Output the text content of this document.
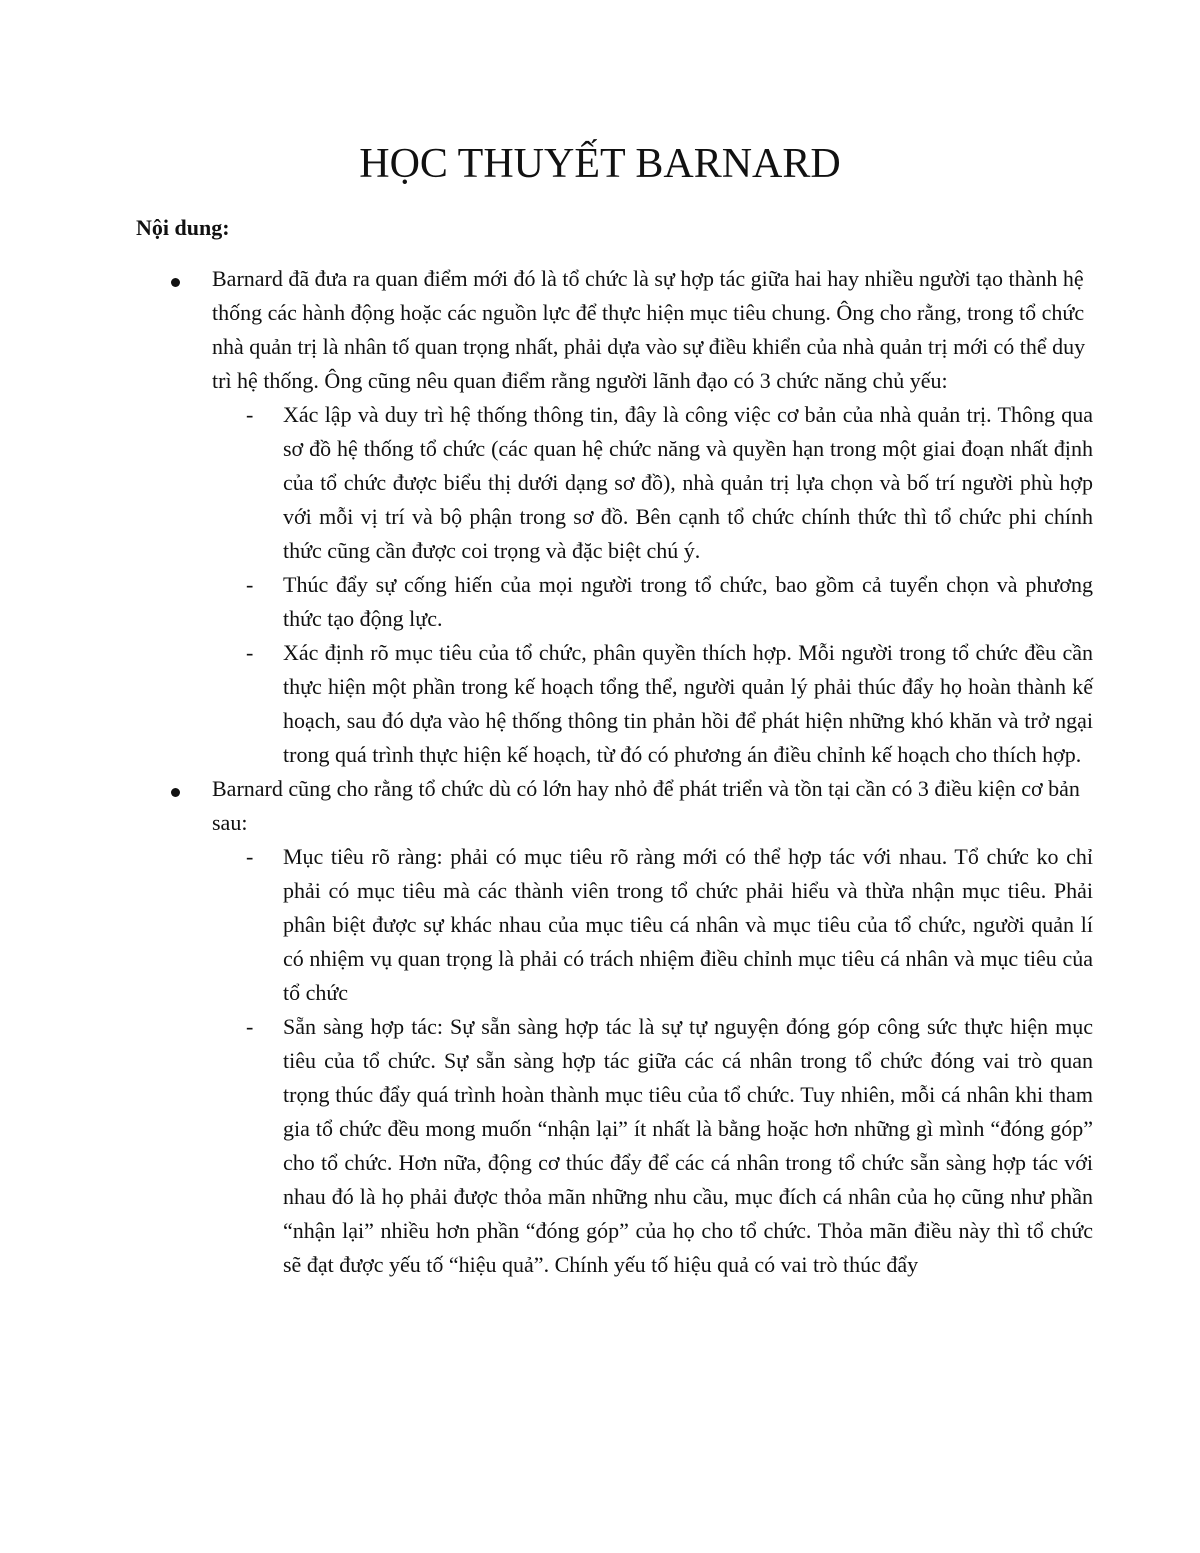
HỌC THUYẾT BARNARD

Nội dung:

Barnard đã đưa ra quan điểm mới đó là tổ chức là sự hợp tác giữa hai hay nhiều người tạo thành hệ thống các hành động hoặc các nguồn lực để thực hiện mục tiêu chung. Ông cho rằng, trong tổ chức nhà quản trị là nhân tố quan trọng nhất, phải dựa vào sự điều khiển của nhà quản trị mới có thể duy trì hệ thống. Ông cũng nêu quan điểm rằng người lãnh đạo có 3 chức năng chủ yếu:

- Xác lập và duy trì hệ thống thông tin, đây là công việc cơ bản của nhà quản trị. Thông qua sơ đồ hệ thống tổ chức (các quan hệ chức năng và quyền hạn trong một giai đoạn nhất định của tổ chức được biểu thị dưới dạng sơ đồ), nhà quản trị lựa chọn và bố trí người phù hợp với mỗi vị trí và bộ phận trong sơ đồ. Bên cạnh tổ chức chính thức thì tổ chức phi chính thức cũng cần được coi trọng và đặc biệt chú ý.

- Thúc đẩy sự cống hiến của mọi người trong tổ chức, bao gồm cả tuyển chọn và phương thức tạo động lực.

- Xác định rõ mục tiêu của tổ chức, phân quyền thích hợp. Mỗi người trong tổ chức đều cần thực hiện một phần trong kế hoạch tổng thể, người quản lý phải thúc đẩy họ hoàn thành kế hoạch, sau đó dựa vào hệ thống thông tin phản hồi để phát hiện những khó khăn và trở ngại trong quá trình thực hiện kế hoạch, từ đó có phương án điều chỉnh kế hoạch cho thích hợp.

Barnard cũng cho rằng tổ chức dù có lớn hay nhỏ để phát triển và tồn tại cần có 3 điều kiện cơ bản sau:

- Mục tiêu rõ ràng: phải có mục tiêu rõ ràng mới có thể hợp tác với nhau. Tổ chức ko chỉ phải có mục tiêu mà các thành viên trong tổ chức phải hiểu và thừa nhận mục tiêu. Phải phân biệt được sự khác nhau của mục tiêu cá nhân và mục tiêu của tổ chức, người quản lí có nhiệm vụ quan trọng là phải có trách nhiệm điều chỉnh mục tiêu cá nhân và mục tiêu của tổ chức

- Sẵn sàng hợp tác: Sự sẵn sàng hợp tác là sự tự nguyện đóng góp công sức thực hiện mục tiêu của tổ chức. Sự sẵn sàng hợp tác giữa các cá nhân trong tổ chức đóng vai trò quan trọng thúc đẩy quá trình hoàn thành mục tiêu của tổ chức. Tuy nhiên, mỗi cá nhân khi tham gia tổ chức đều mong muốn “nhận lại” ít nhất là bằng hoặc hơn những gì mình “đóng góp” cho tổ chức. Hơn nữa, động cơ thúc đẩy để các cá nhân trong tổ chức sẵn sàng hợp tác với nhau đó là họ phải được thỏa mãn những nhu cầu, mục đích cá nhân của họ cũng như phần “nhận lại” nhiều hơn phần “đóng góp” của họ cho tổ chức. Thỏa mãn điều này thì tổ chức sẽ đạt được yếu tố “hiệu quả”. Chính yếu tố hiệu quả có vai trò thúc đẩy
